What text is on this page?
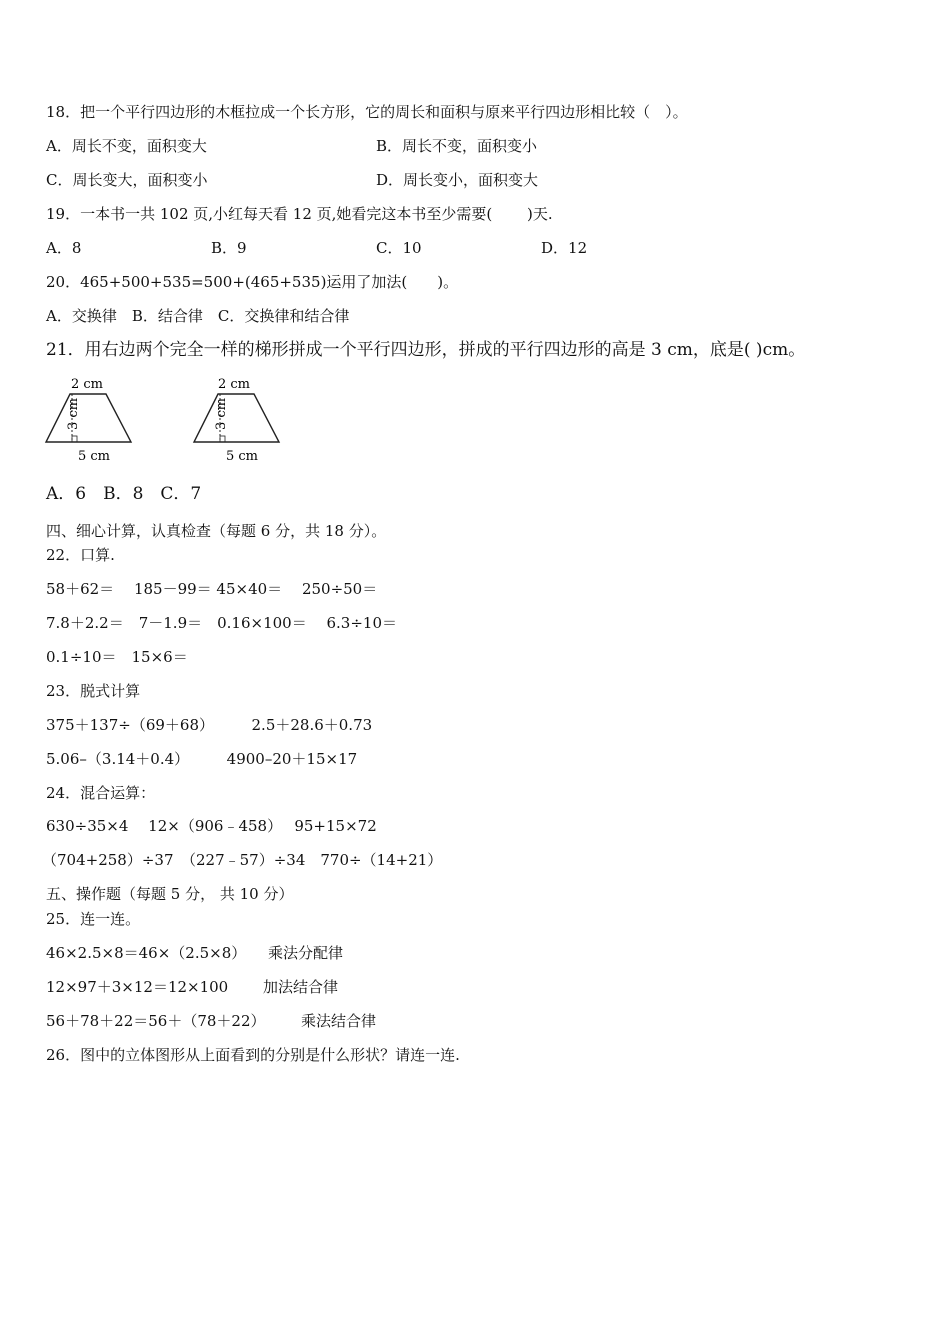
18．把一个平行四边形的木框拉成一个长方形，它的周长和面积与原来平行四边形相比较（　）。
A．周长不变，面积变大	B．周长不变，面积变小
C．周长变大，面积变小	D．周长变小，面积变大
19．一本书一共 102 页,小红每天看 12 页,她看完这本书至少需要(　　 )天.
A．8	B．9	C．10	D．12
20．465+500+535=500+(465+535)运用了加法(　　)。
A．交换律　B．结合律　C．交换律和结合律
21．用右边两个完全一样的梯形拼成一个平行四边形，拼成的平行四边形的高是 3 cm，底是( )cm。
2 cm
3 cm
5 cm
2 cm
3 cm
5 cm
A．6　B．8　C．7
四、细心计算，认真检查（每题 6 分，共 18 分）。
22．口算.
58＋62＝　 185－99＝ 45×40＝　 250÷50＝
7.8＋2.2＝　7－1.9＝　0.16×100＝　 6.3÷10＝
0.1÷10＝　15×6＝
23．脱式计算
375＋137÷（69＋68）　　　2.5＋28.6＋0.73
5.06–（3.14＋0.4）　　　4900–20＋15×17
24．混合运算：
630÷35×4　 12×（906﹣458）　 95+15×72
（704+258）÷37　（227﹣57）÷34　770÷（14+21）
五、操作题（每题 5 分， 共 10 分）
25．连一连。
46×2.5×8＝46×（2.5×8） 乘法分配律
12×97＋3×12＝12×100 加法结合律
56＋78＋22＝56＋（78＋22） 乘法结合律
26．图中的立体图形从上面看到的分别是什么形状？请连一连.
